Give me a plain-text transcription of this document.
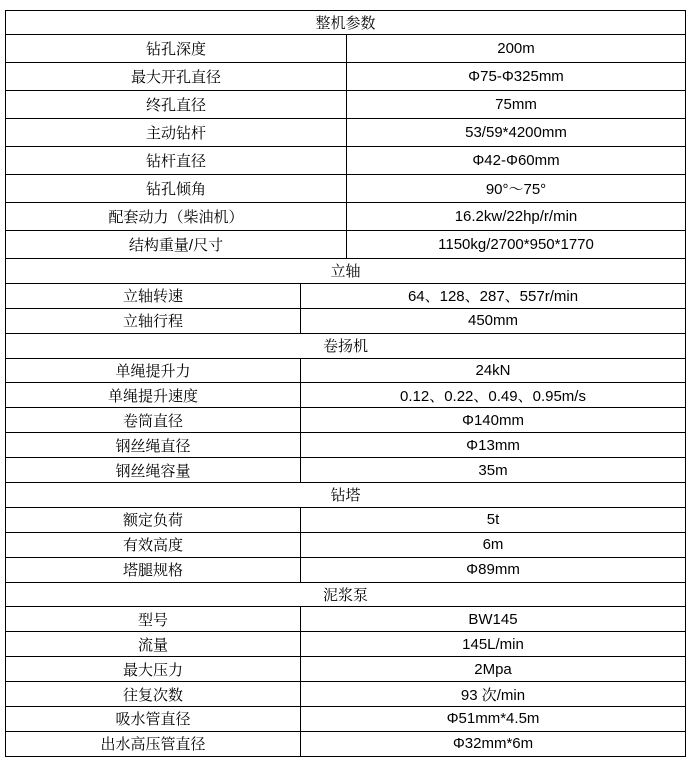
整机参数
钻孔深度	200m
最大开孔直径	Φ75-Φ325mm
终孔直径	75mm
主动钻杆	53/59*4200mm
钻杆直径	Φ42-Φ60mm
钻孔倾角	90°～75°
配套动力（柴油机）	16.2kw/22hp/r/min
结构重量/尺寸	1150kg/2700*950*1770
立轴
立轴转速	64、128、287、557r/min
立轴行程	450mm
卷扬机
单绳提升力	24kN
单绳提升速度	0.12、0.22、0.49、0.95m/s
卷筒直径	Φ140mm
钢丝绳直径	Φ13mm
钢丝绳容量	35m
钻塔
额定负荷	5t
有效高度	6m
塔腿规格	Φ89mm
泥浆泵
型号	BW145
流量	145L/min
最大压力	2Mpa
往复次数	93 次/min
吸水管直径	Φ51mm*4.5m
出水高压管直径	Φ32mm*6m
